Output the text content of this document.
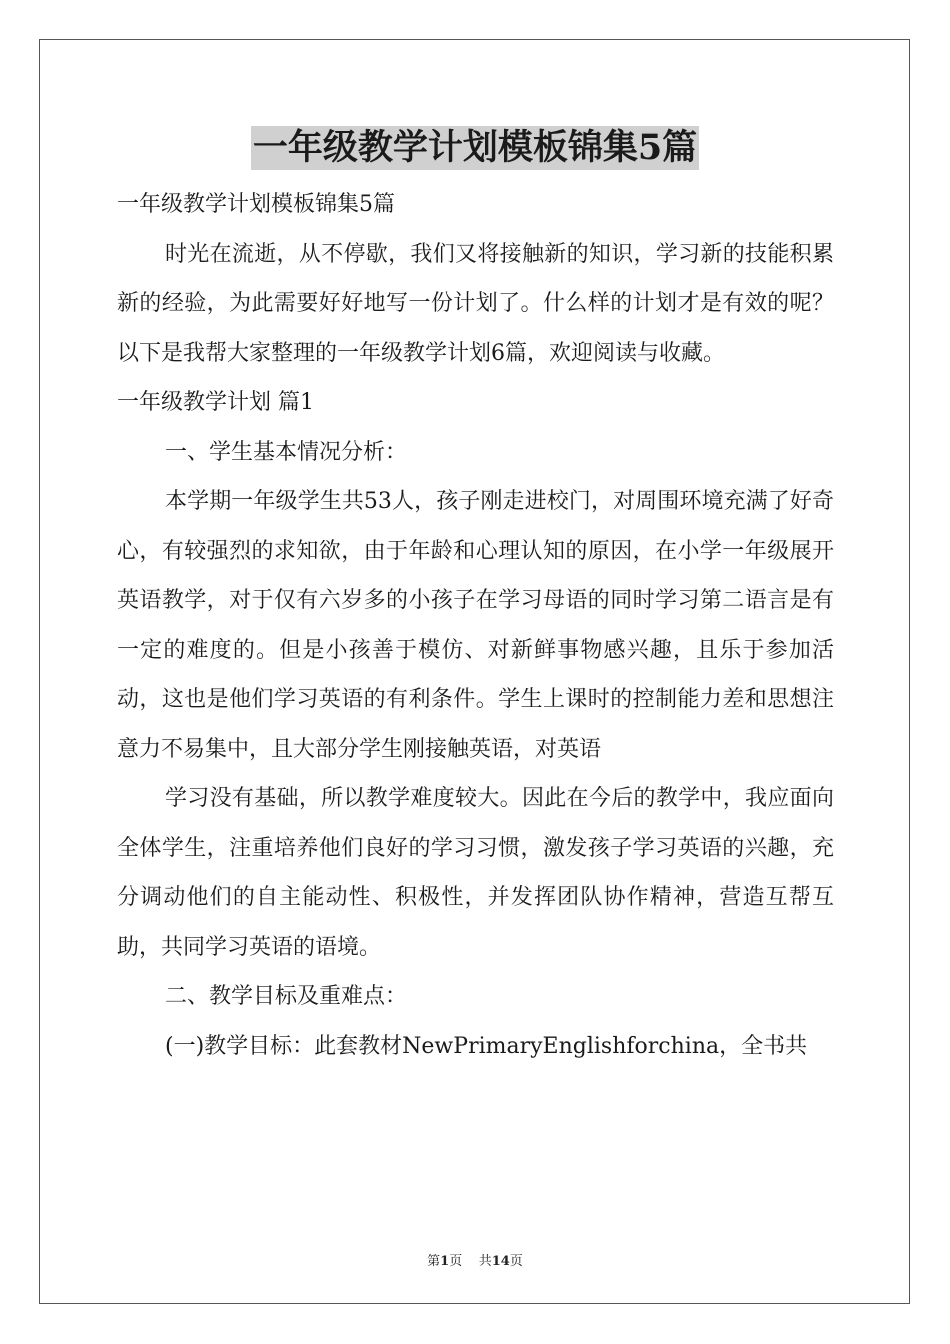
一年级教学计划模板锦集5篇

一年级教学计划模板锦集5篇

时光在流逝，从不停歇，我们又将接触新的知识，学习新的技能积累新的经验，为此需要好好地写一份计划了。什么样的计划才是有效的呢？以下是我帮大家整理的一年级教学计划6篇，欢迎阅读与收藏。

一年级教学计划 篇1

一、学生基本情况分析：

本学期一年级学生共53人，孩子刚走进校门，对周围环境充满了好奇心，有较强烈的求知欲，由于年龄和心理认知的原因，在小学一年级展开英语教学，对于仅有六岁多的小孩子在学习母语的同时学习第二语言是有一定的难度的。但是小孩善于模仿、对新鲜事物感兴趣，且乐于参加活动，这也是他们学习英语的有利条件。学生上课时的控制能力差和思想注意力不易集中，且大部分学生刚接触英语，对英语

学习没有基础，所以教学难度较大。因此在今后的教学中，我应面向全体学生，注重培养他们良好的学习习惯，激发孩子学习英语的兴趣，充分调动他们的自主能动性、积极性，并发挥团队协作精神，营造互帮互助，共同学习英语的语境。

二、教学目标及重难点：

(一)教学目标：此套教材NewPrimaryEnglishforchina，全书共

第1页 共14页
